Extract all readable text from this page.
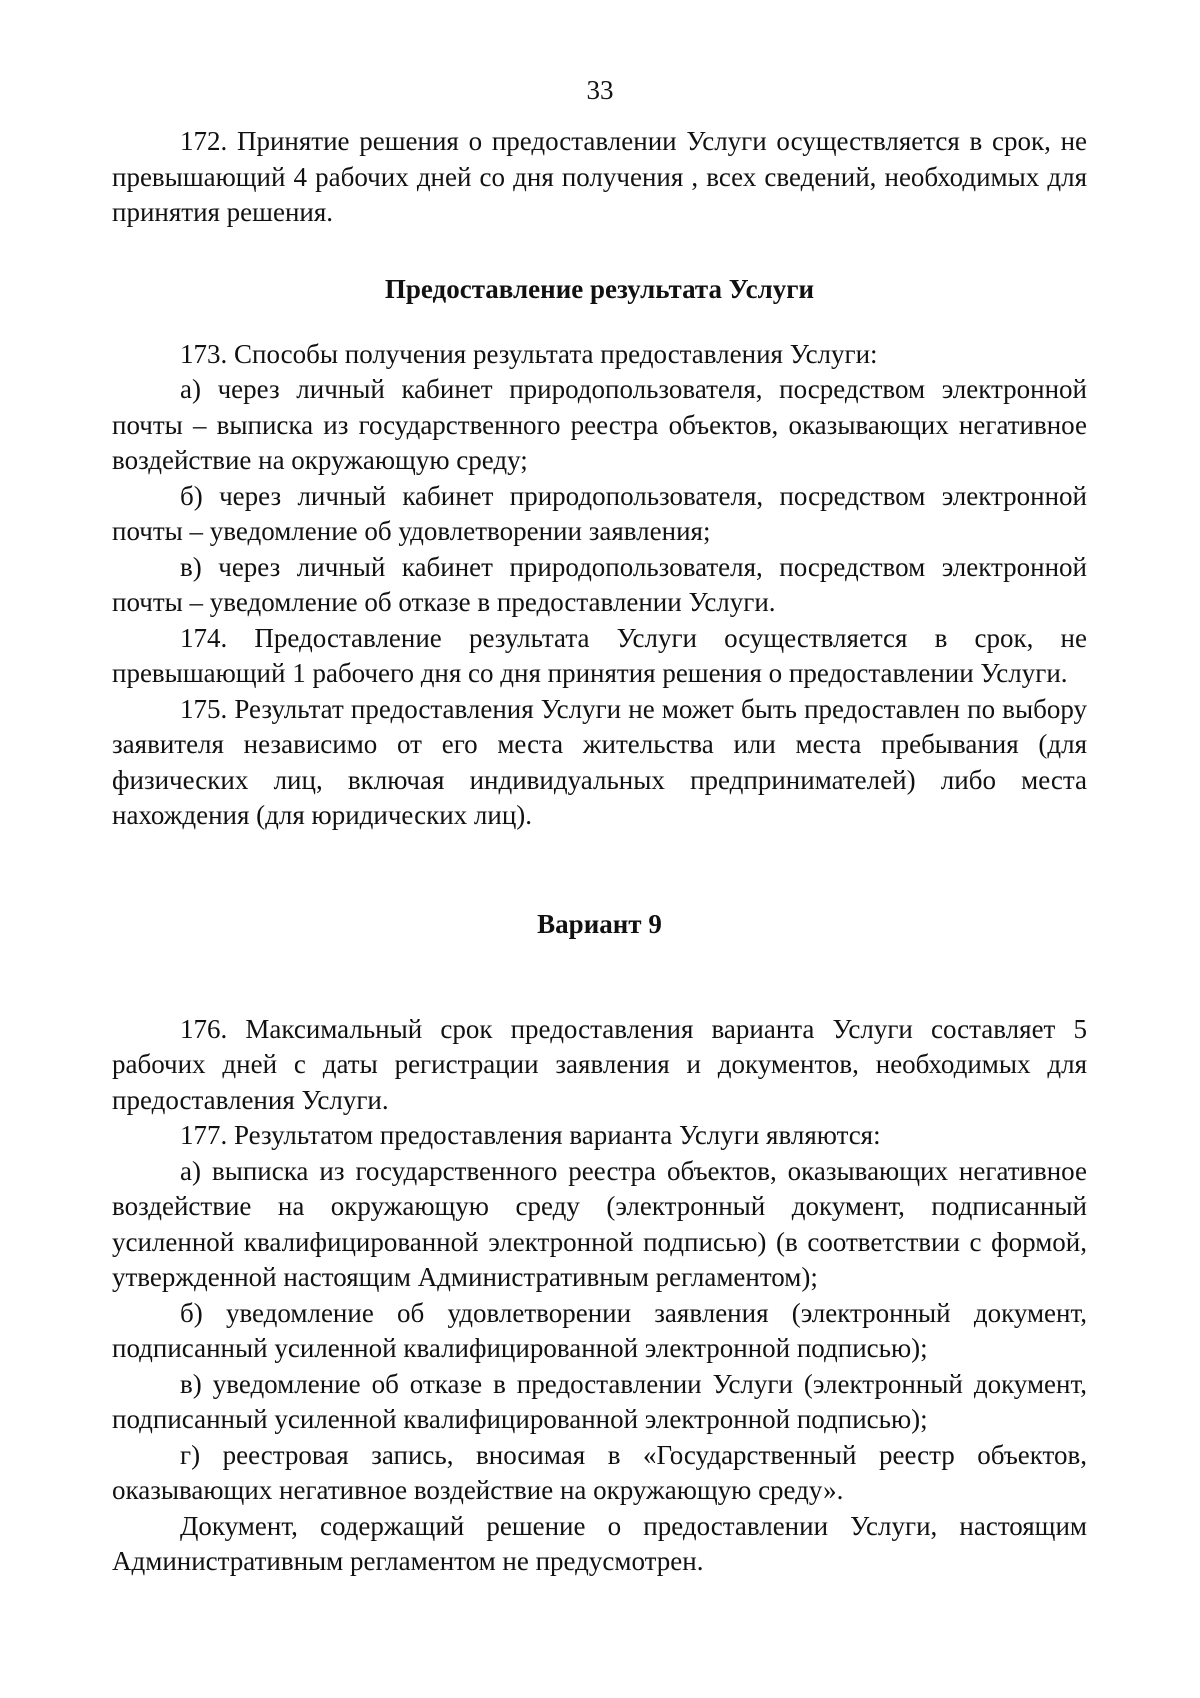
33

172. Принятие решения о предоставлении Услуги осуществляется в срок, не превышающий 4 рабочих дней со дня получения , всех сведений, необходимых для принятия решения.

Предоставление результата Услуги

173. Способы получения результата предоставления Услуги:

а) через личный кабинет природопользователя, посредством электронной почты – выписка из государственного реестра объектов, оказывающих негативное воздействие на окружающую среду;

б) через личный кабинет природопользователя, посредством электронной почты – уведомление об удовлетворении заявления;

в) через личный кабинет природопользователя, посредством электронной почты – уведомление об отказе в предоставлении Услуги.

174. Предоставление результата Услуги осуществляется в срок, не превышающий 1 рабочего дня со дня принятия решения о предоставлении Услуги.

175. Результат предоставления Услуги не может быть предоставлен по выбору заявителя независимо от его места жительства или места пребывания (для физических лиц, включая индивидуальных предпринимателей) либо места нахождения (для юридических лиц).

Вариант 9

176. Максимальный срок предоставления варианта Услуги составляет 5 рабочих дней с даты регистрации заявления и документов, необходимых для предоставления Услуги.

177. Результатом предоставления варианта Услуги являются:

а) выписка из государственного реестра объектов, оказывающих негативное воздействие на окружающую среду (электронный документ, подписанный усиленной квалифицированной электронной подписью) (в соответствии с формой, утвержденной настоящим Административным регламентом);

б) уведомление об удовлетворении заявления (электронный документ, подписанный усиленной квалифицированной электронной подписью);

в) уведомление об отказе в предоставлении Услуги (электронный документ, подписанный усиленной квалифицированной электронной подписью);

г) реестровая запись, вносимая в «Государственный реестр объектов, оказывающих негативное воздействие на окружающую среду».

Документ, содержащий решение о предоставлении Услуги, настоящим Административным регламентом не предусмотрен.
